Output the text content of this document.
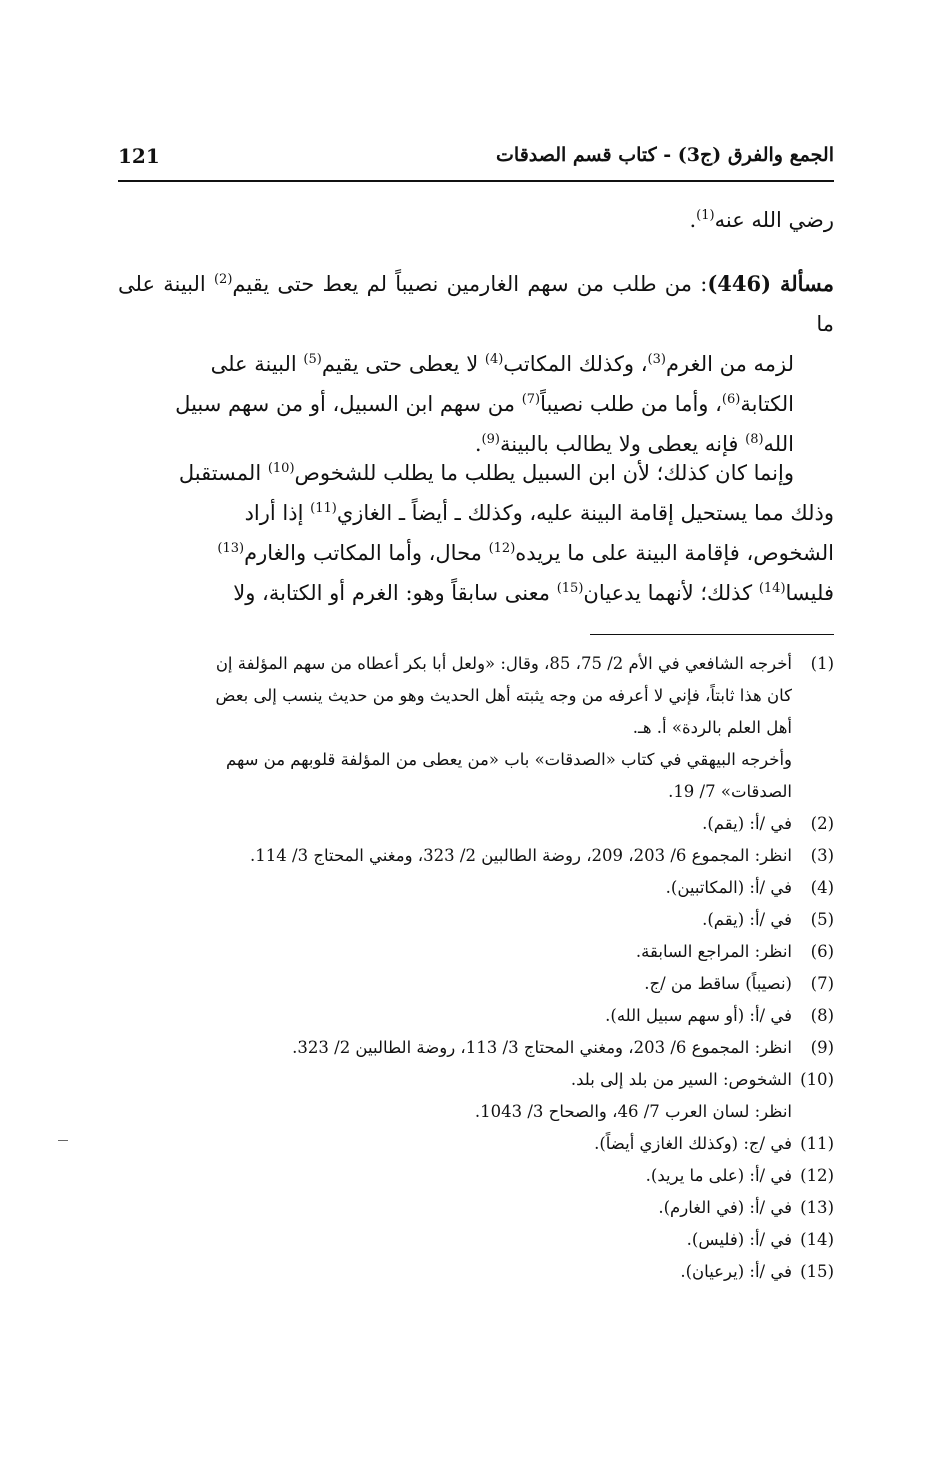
الجمع والفرق (ج3) - كتاب قسم الصدقات
121
رضي الله عنه$^{(1)}$.
مسألة (446): من طلب من سهم الغارمين نصيباً لم يعط حتى يقيم$^{(2)}$ البينة على ما
لزمه من الغرم$^{(3)}$، وكذلك المكاتب$^{(4)}$ لا يعطى حتى يقيم$^{(5)}$ البينة على
الكتابة$^{(6)}$، وأما من طلب نصيباً$^{(7)}$ من سهم ابن السبيل، أو من سهم سبيل
الله$^{(8)}$ فإنه يعطى ولا يطالب بالبينة$^{(9)}$.
وإنما كان كذلك؛ لأن ابن السبيل يطلب ما يطلب للشخوص$^{(10)}$ المستقبل
وذلك مما يستحيل إقامة البينة عليه، وكذلك ـ أيضاً ـ الغازي$^{(11)}$ إذا أراد
الشخوص، فإقامة البينة على ما يريده$^{(12)}$ محال، وأما المكاتب والغارم$^{(13)}$
فليسا$^{(14)}$ كذلك؛ لأنهما يدعيان$^{(15)}$ معنى سابقاً وهو: الغرم أو الكتابة، ولا
(1)
أخرجه الشافعي في الأم 2/ 75، 85، وقال: «ولعل أبا بكر أعطاه من سهم المؤلفة إن
كان هذا ثابتاً، فإني لا أعرفه من وجه يثبته أهل الحديث وهو من حديث ينسب إلى بعض
أهل العلم بالردة» أ. هـ.
وأخرجه البيهقي في كتاب «الصدقات» باب «من يعطى من المؤلفة قلوبهم من سهم
الصدقات» 7/ 19.
(2)
في /أ: (يقم).
(3)
انظر: المجموع 6/ 203، 209، روضة الطالبين 2/ 323، ومغني المحتاج 3/ 114.
(4)
في /أ: (المكاتبين).
(5)
في /أ: (يقم).
(6)
انظر: المراجع السابقة.
(7)
(نصيباً) ساقط من /ج.
(8)
في /أ: (أو سهم سبيل الله).
(9)
انظر: المجموع 6/ 203، ومغني المحتاج 3/ 113، روضة الطالبين 2/ 323.
(10)
الشخوص: السير من بلد إلى بلد.
انظر: لسان العرب 7/ 46، والصحاح 3/ 1043.
(11)
في /ج: (وكذلك الغازي أيضاً).
(12)
في /أ: (على ما يريد).
(13)
في /أ: (في الغارم).
(14)
في /أ: (فليس).
(15)
في /أ: (يرعيان).
